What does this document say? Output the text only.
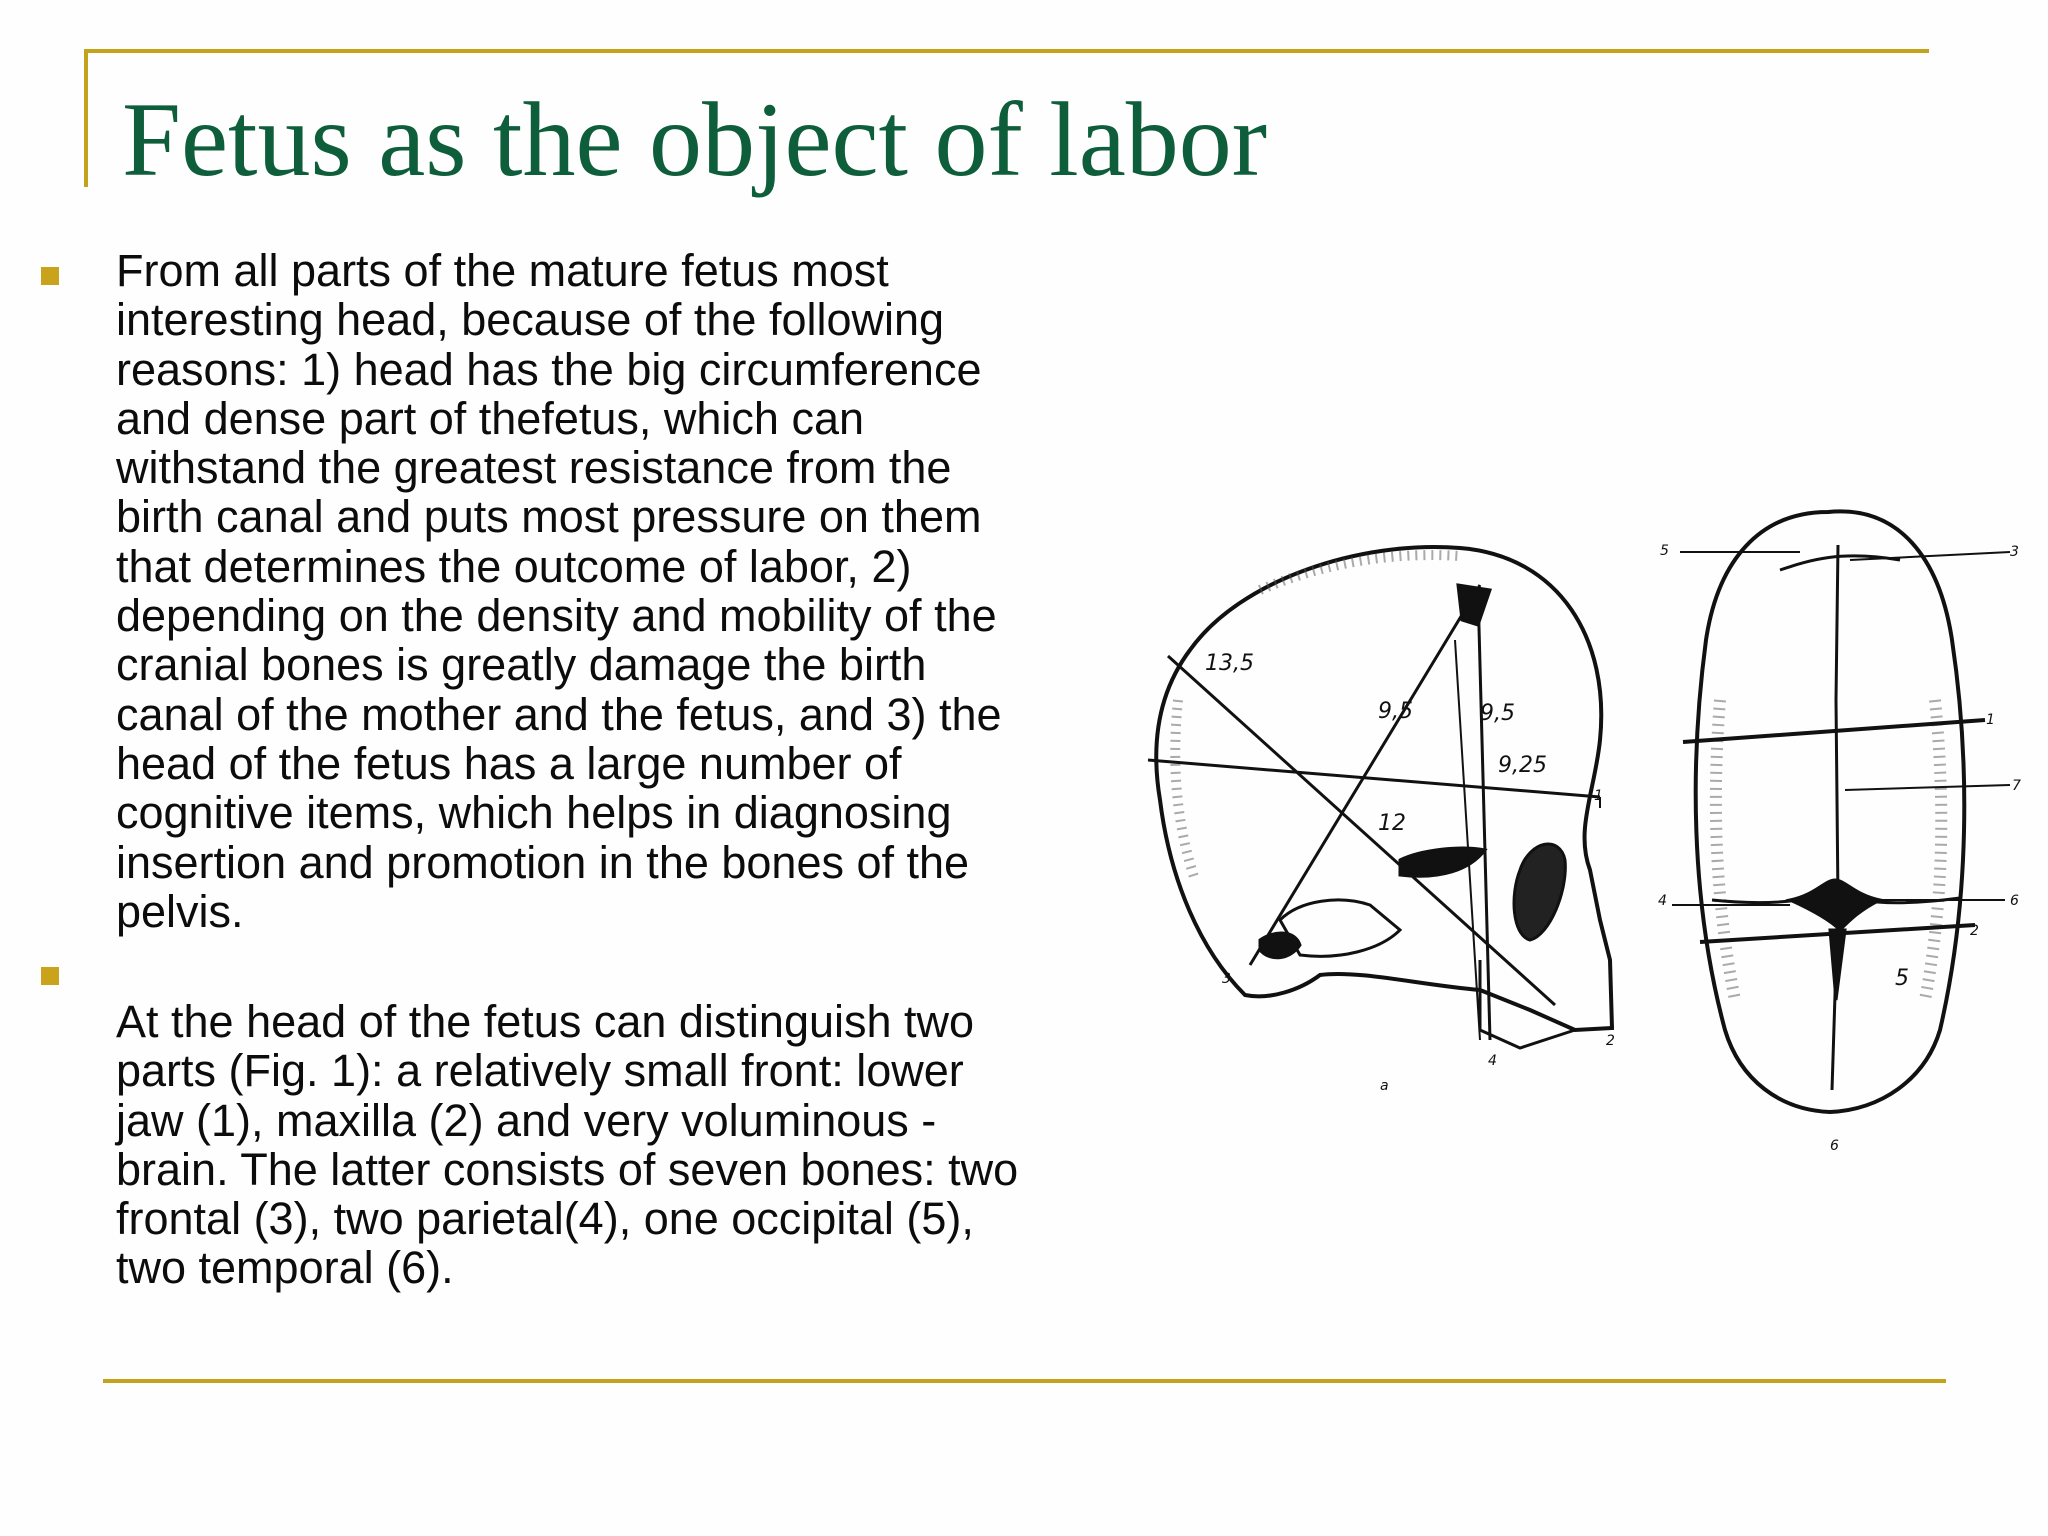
Fetus as the object of labor

From all parts of the mature fetus most
interesting head, because of the following
reasons: 1) head has the big circumference
and dense part of thefetus, which can
withstand the greatest resistance from the
birth canal and puts most pressure on them
that determines the outcome of labor, 2)
depending on the density and mobility of the
cranial bones is greatly damage the birth
canal of the mother and the fetus, and 3) the
head of the fetus has a large number of
cognitive items, which helps in diagnosing
insertion and promotion in the bones of the
pelvis.

At the head of the fetus can distinguish two
parts (Fig. 1): a relatively small front: lower
jaw (1), maxilla (2) and very voluminous -
brain. The latter consists of seven bones: two
frontal (3), two parietal(4), one occipital (5),
two temporal (6).

13,5
9,5	9,5
9,25
12
1
2
3
4
a
5	3
1
7
4	6
2
5
6
